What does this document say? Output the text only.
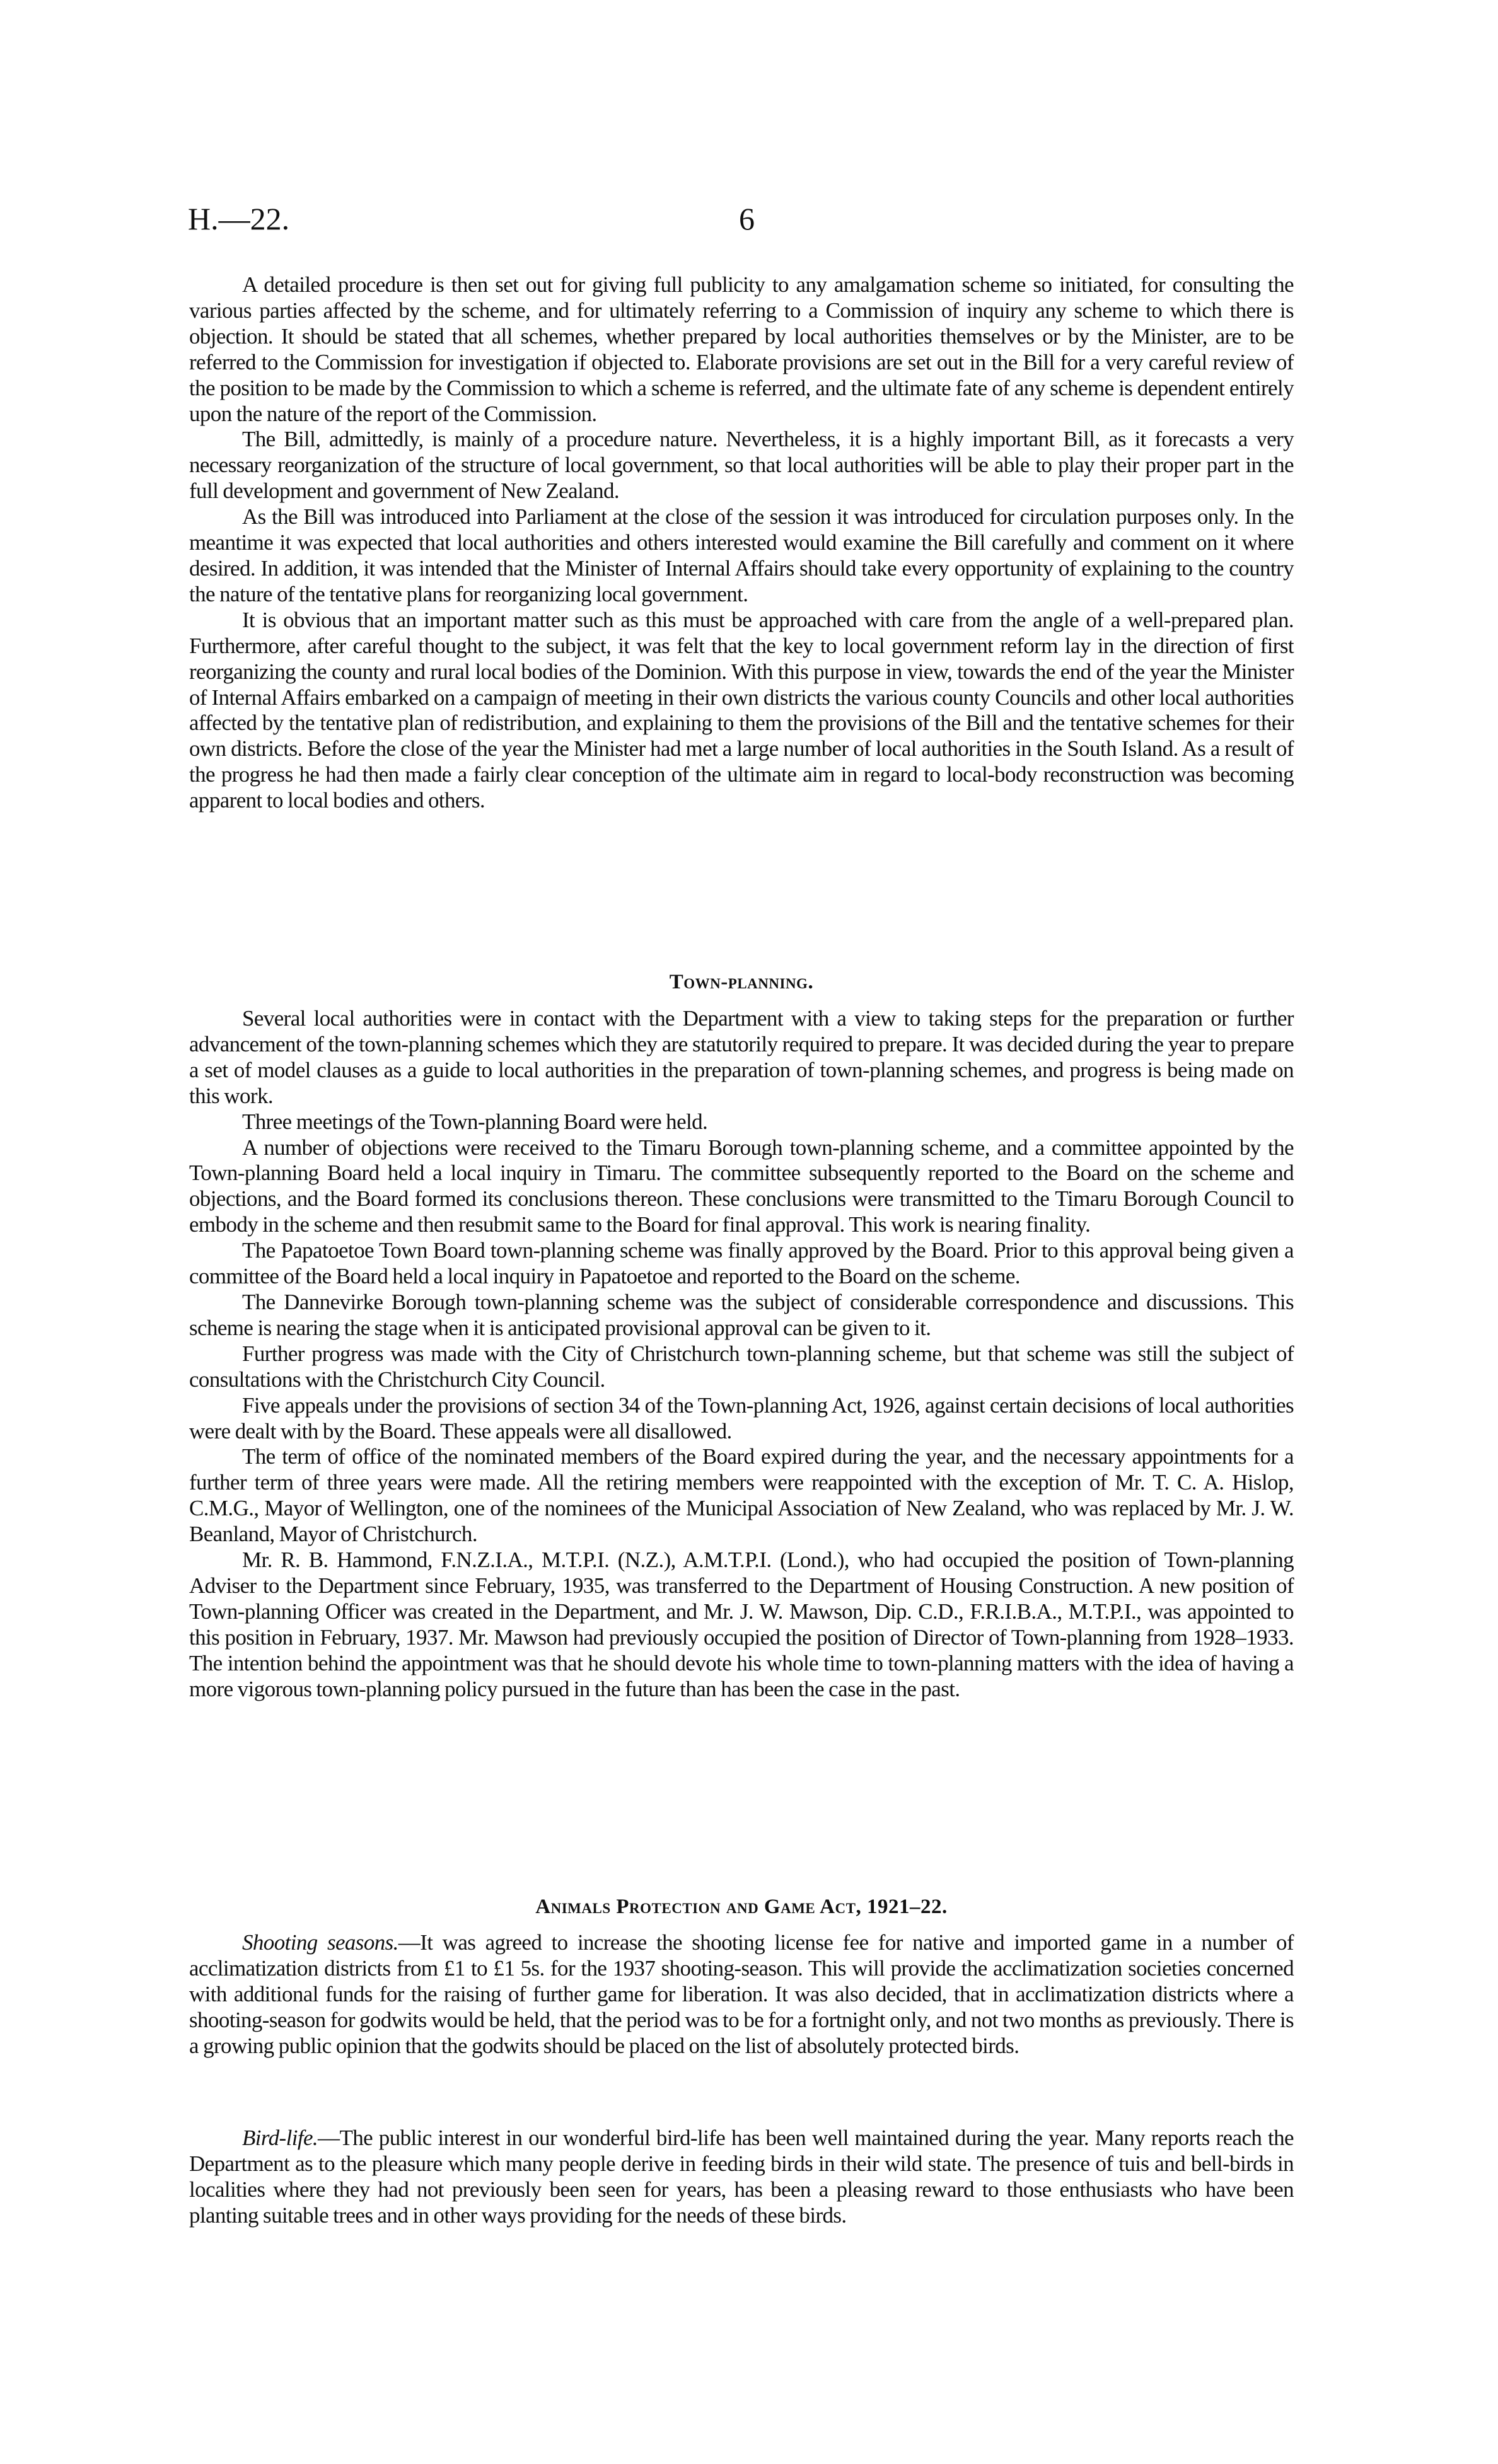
H.—22.	6

A detailed procedure is then set out for giving full publicity to any amalgamation scheme so initiated, for consulting the various parties affected by the scheme, and for ultimately referring to a Commission of inquiry any scheme to which there is objection. It should be stated that all schemes, whether prepared by local authorities themselves or by the Minister, are to be referred to the Commission for investigation if objected to. Elaborate provisions are set out in the Bill for a very careful review of the position to be made by the Commission to which a scheme is referred, and the ultimate fate of any scheme is dependent entirely upon the nature of the report of the Commission.

The Bill, admittedly, is mainly of a procedure nature. Nevertheless, it is a highly important Bill, as it forecasts a very necessary reorganization of the structure of local government, so that local authorities will be able to play their proper part in the full development and government of New Zealand.

As the Bill was introduced into Parliament at the close of the session it was introduced for circulation purposes only. In the meantime it was expected that local authorities and others interested would examine the Bill carefully and comment on it where desired. In addition, it was intended that the Minister of Internal Affairs should take every opportunity of explaining to the country the nature of the tentative plans for reorganizing local government.

It is obvious that an important matter such as this must be approached with care from the angle of a well-prepared plan. Furthermore, after careful thought to the subject, it was felt that the key to local government reform lay in the direction of first reorganizing the county and rural local bodies of the Dominion. With this purpose in view, towards the end of the year the Minister of Internal Affairs embarked on a campaign of meeting in their own districts the various county Councils and other local authorities affected by the tentative plan of redistribution, and explaining to them the provisions of the Bill and the tentative schemes for their own districts. Before the close of the year the Minister had met a large number of local authorities in the South Island. As a result of the progress he had then made a fairly clear conception of the ultimate aim in regard to local-body reconstruction was becoming apparent to local bodies and others.

Town-planning.

Several local authorities were in contact with the Department with a view to taking steps for the preparation or further advancement of the town-planning schemes which they are statutorily required to prepare. It was decided during the year to prepare a set of model clauses as a guide to local authorities in the preparation of town-planning schemes, and progress is being made on this work.

Three meetings of the Town-planning Board were held.

A number of objections were received to the Timaru Borough town-planning scheme, and a committee appointed by the Town-planning Board held a local inquiry in Timaru. The committee subsequently reported to the Board on the scheme and objections, and the Board formed its conclusions thereon. These conclusions were transmitted to the Timaru Borough Council to embody in the scheme and then resubmit same to the Board for final approval. This work is nearing finality.

The Papatoetoe Town Board town-planning scheme was finally approved by the Board. Prior to this approval being given a committee of the Board held a local inquiry in Papatoetoe and reported to the Board on the scheme.

The Dannevirke Borough town-planning scheme was the subject of considerable correspondence and discussions. This scheme is nearing the stage when it is anticipated provisional approval can be given to it.

Further progress was made with the City of Christchurch town-planning scheme, but that scheme was still the subject of consultations with the Christchurch City Council.

Five appeals under the provisions of section 34 of the Town-planning Act, 1926, against certain decisions of local authorities were dealt with by the Board. These appeals were all disallowed.

The term of office of the nominated members of the Board expired during the year, and the necessary appointments for a further term of three years were made. All the retiring members were reappointed with the exception of Mr. T. C. A. Hislop, C.M.G., Mayor of Wellington, one of the nominees of the Municipal Association of New Zealand, who was replaced by Mr. J. W. Beanland, Mayor of Christchurch.

Mr. R. B. Hammond, F.N.Z.I.A., M.T.P.I. (N.Z.), A.M.T.P.I. (Lond.), who had occupied the position of Town-planning Adviser to the Department since February, 1935, was transferred to the Department of Housing Construction. A new position of Town-planning Officer was created in the Department, and Mr. J. W. Mawson, Dip. C.D., F.R.I.B.A., M.T.P.I., was appointed to this position in February, 1937. Mr. Mawson had previously occupied the position of Director of Town-planning from 1928–1933. The intention behind the appointment was that he should devote his whole time to town-planning matters with the idea of having a more vigorous town-planning policy pursued in the future than has been the case in the past.

Animals Protection and Game Act, 1921–22.

Shooting seasons.—It was agreed to increase the shooting license fee for native and imported game in a number of acclimatization districts from £1 to £1 5s. for the 1937 shooting-season. This will provide the acclimatization societies concerned with additional funds for the raising of further game for liberation. It was also decided, that in acclimatization districts where a shooting-season for godwits would be held, that the period was to be for a fortnight only, and not two months as previously. There is a growing public opinion that the godwits should be placed on the list of absolutely protected birds.

Bird-life.—The public interest in our wonderful bird-life has been well maintained during the year. Many reports reach the Department as to the pleasure which many people derive in feeding birds in their wild state. The presence of tuis and bell-birds in localities where they had not previously been seen for years, has been a pleasing reward to those enthusiasts who have been planting suitable trees and in other ways providing for the needs of these birds.
